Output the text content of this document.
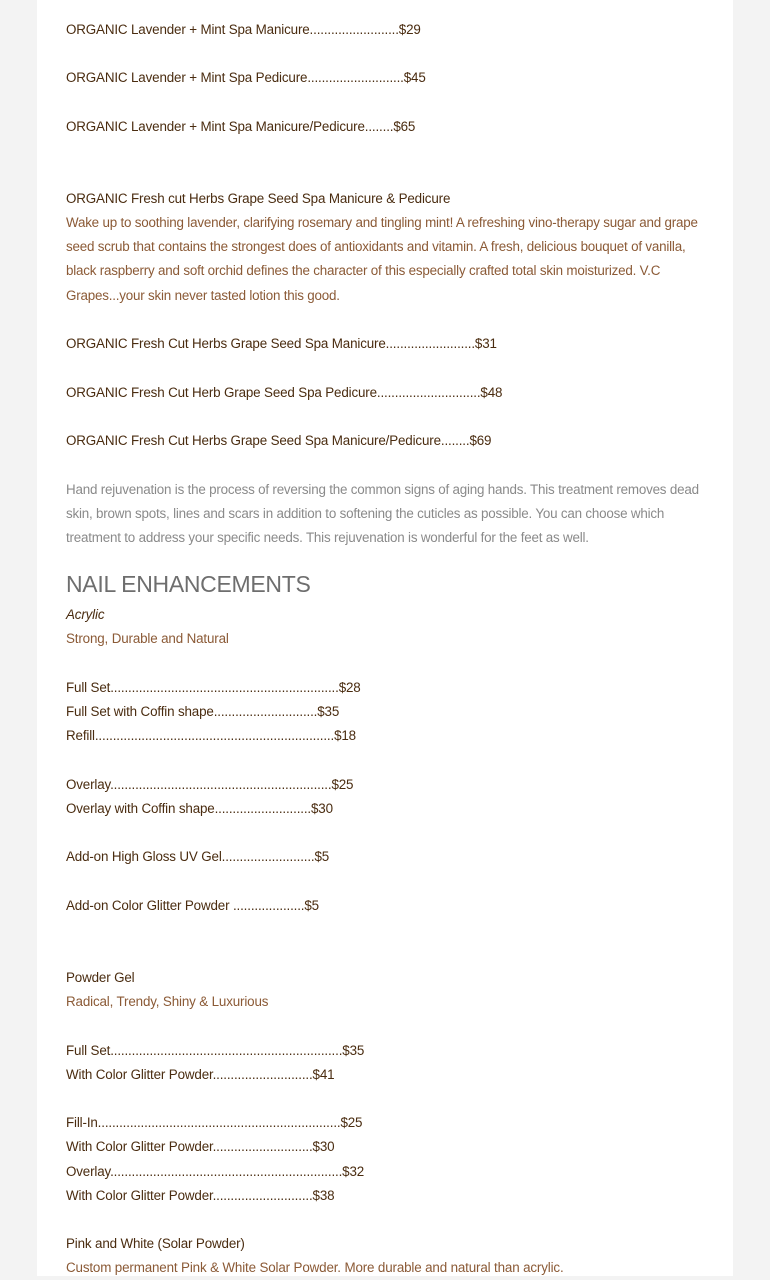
ORGANIC Lavender + Mint Spa Manicure.........................$29
ORGANIC Lavender + Mint Spa Pedicure...........................$45
ORGANIC Lavender + Mint Spa Manicure/Pedicure........$65
ORGANIC Fresh cut Herbs Grape Seed Spa Manicure & Pedicure
Wake up to soothing lavender, clarifying rosemary and tingling mint! A refreshing vino-therapy sugar and grape seed scrub that contains the strongest does of antioxidants and vitamin. A fresh, delicious bouquet of vanilla, black raspberry and soft orchid defines the character of this especially crafted total skin moisturized. V.C Grapes...your skin never tasted lotion this good.
ORGANIC Fresh Cut Herbs Grape Seed Spa Manicure.........................$31
ORGANIC Fresh Cut Herb Grape Seed Spa Pedicure.............................$48
ORGANIC Fresh Cut Herbs Grape Seed Spa Manicure/Pedicure........$69
Hand rejuvenation is the process of reversing the common signs of aging hands. This treatment removes dead skin, brown spots, lines and scars in addition to softening the cuticles as possible. You can choose which treatment to address your specific needs. This rejuvenation is wonderful for the feet as well.
NAIL ENHANCEMENTS
Acrylic
Strong, Durable and Natural
Full Set................................................................$28
Full Set with Coffin shape.............................$35
Refill...................................................................$18
Overlay..............................................................$25
Overlay with Coffin shape...........................$30
Add-on High Gloss UV Gel..........................$5
Add-on Color Glitter Powder ....................$5
Powder Gel
Radical, Trendy, Shiny & Luxurious
Full Set.................................................................$35
With Color Glitter Powder............................$41
Fill-In....................................................................$25
With Color Glitter Powder............................$30
Overlay.................................................................$32
With Color Glitter Powder............................$38
Pink and White (Solar Powder)
Custom permanent Pink & White Solar Powder. More durable and natural than acrylic.
